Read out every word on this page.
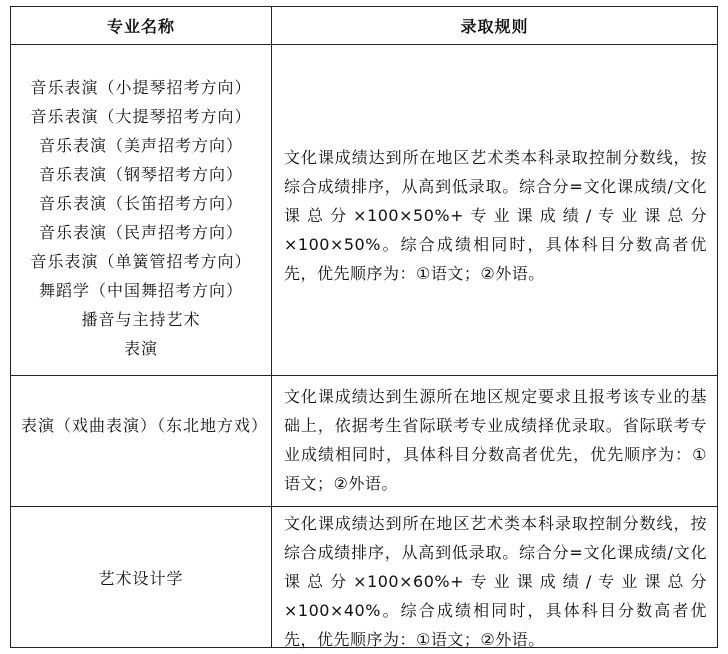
专业名称	录取规则
音乐表演（小提琴招考方向）
音乐表演（大提琴招考方向）
音乐表演（美声招考方向）
音乐表演（钢琴招考方向）
音乐表演（长笛招考方向）
音乐表演（民声招考方向）
音乐表演（单簧管招考方向）
舞蹈学（中国舞招考方向）
播音与主持艺术
表演
文化课成绩达到所在地区艺术类本科录取控制分数线，按综合成绩排序，从高到低录取。综合分=文化课成绩/文化课总分×100×50%+专业课成绩/专业课总分×100×50%。综合成绩相同时，具体科目分数高者优先，优先顺序为：①语文；②外语。
表演（戏曲表演）（东北地方戏）
文化课成绩达到生源所在地区规定要求且报考该专业的基础上，依据考生省际联考专业成绩择优录取。省际联考专业成绩相同时，具体科目分数高者优先，优先顺序为：①语文；②外语。
艺术设计学
文化课成绩达到所在地区艺术类本科录取控制分数线，按综合成绩排序，从高到低录取。综合分=文化课成绩/文化课总分×100×60%+专业课成绩/专业课总分×100×40%。综合成绩相同时，具体科目分数高者优先，优先顺序为：①语文；②外语。
